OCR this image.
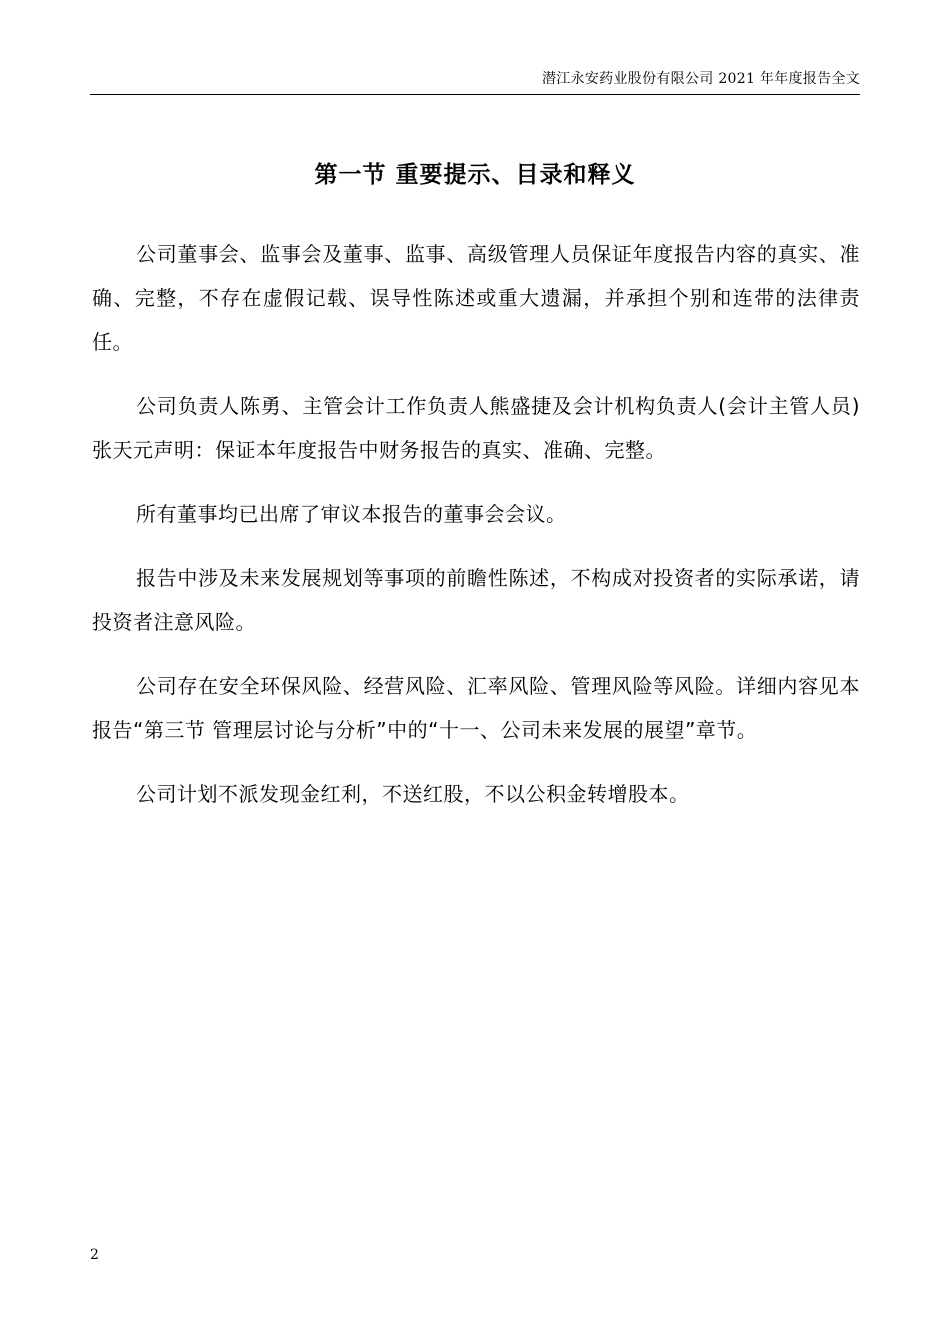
潜江永安药业股份有限公司 2021 年年度报告全文
第一节 重要提示、目录和释义

公司董事会、监事会及董事、监事、高级管理人员保证年度报告内容的真实、准确、完整，不存在虚假记载、误导性陈述或重大遗漏，并承担个别和连带的法律责任。

公司负责人陈勇、主管会计工作负责人熊盛捷及会计机构负责人(会计主管人员)张天元声明：保证本年度报告中财务报告的真实、准确、完整。

所有董事均已出席了审议本报告的董事会会议。

报告中涉及未来发展规划等事项的前瞻性陈述，不构成对投资者的实际承诺，请投资者注意风险。

公司存在安全环保风险、经营风险、汇率风险、管理风险等风险。详细内容见本报告“第三节 管理层讨论与分析”中的“十一、公司未来发展的展望”章节。

公司计划不派发现金红利，不送红股，不以公积金转增股本。

2
